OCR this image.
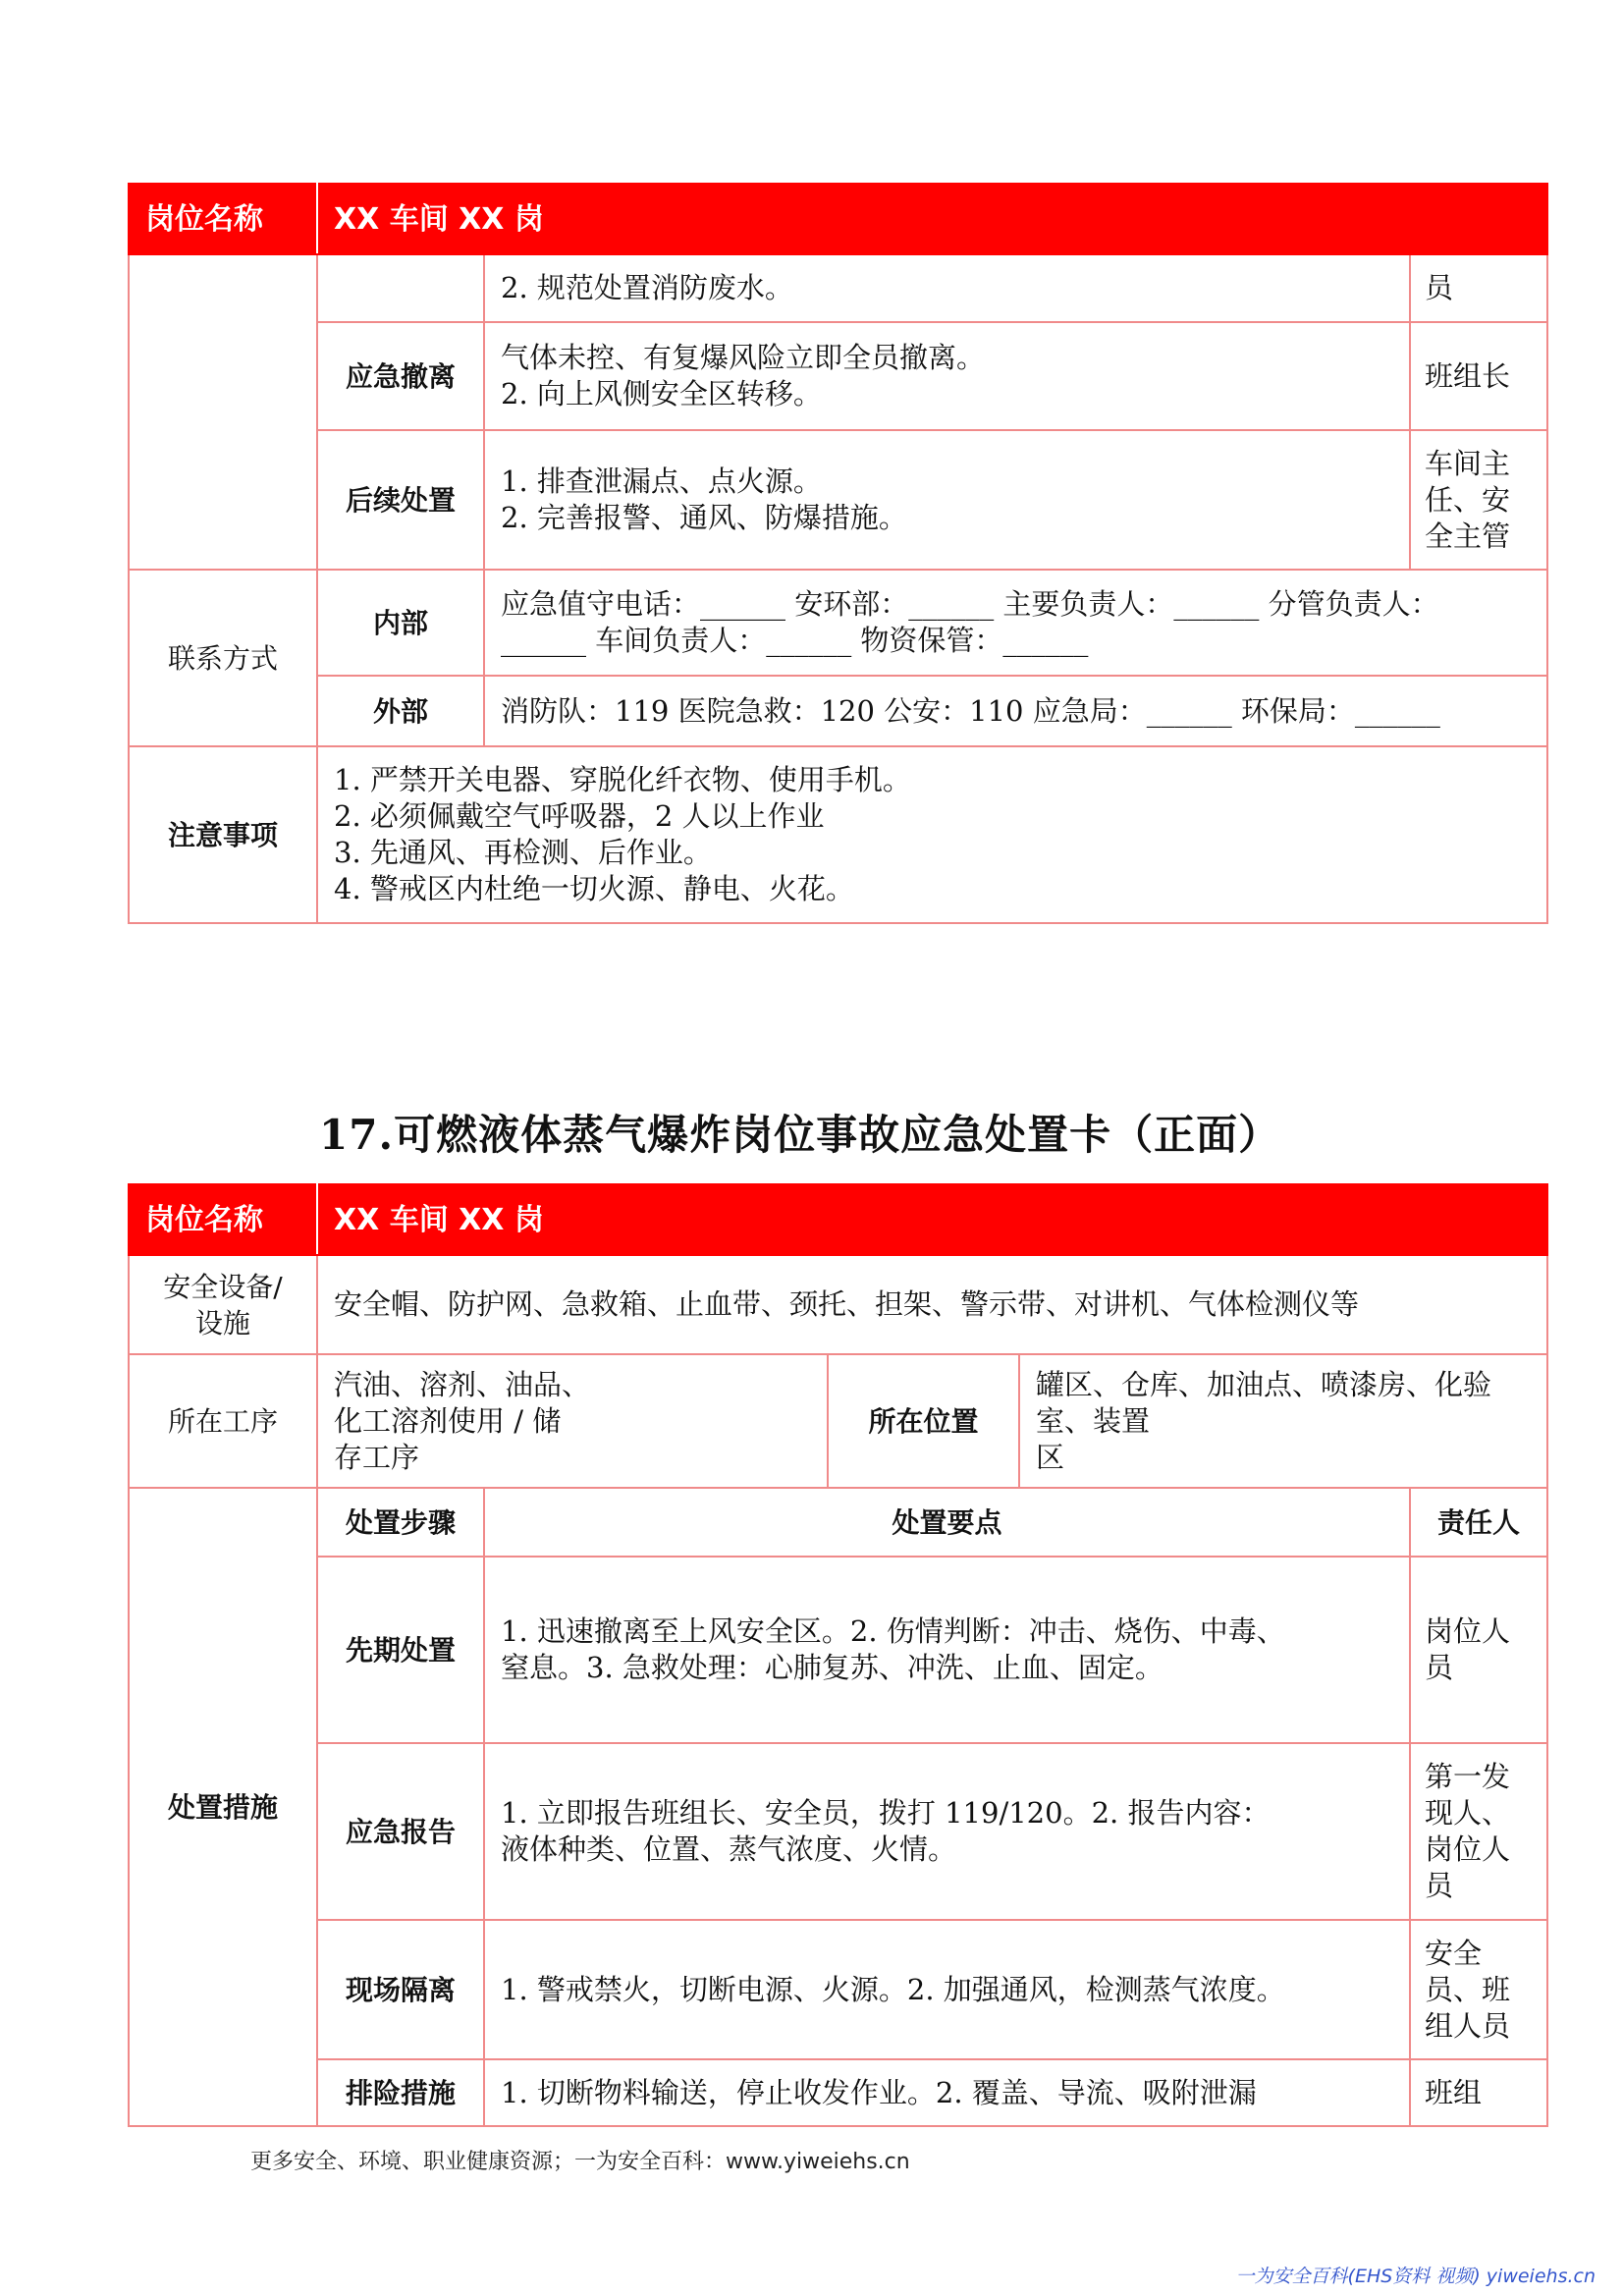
岗位名称	XX 车间 XX 岗		

		2. 规范处置消防废水。	员

	应急撤离	气体未控、有复爆风险立即全员撤离。
2. 向上风侧安全区转移。	班组长

	后续处置	1. 排查泄漏点、点火源。
2. 完善报警、通风、防爆措施。	车间主
任、安
全主管

联系方式	内部	应急值守电话：______ 安环部：______ 主要负责人：______ 分管负责人：
______ 车间负责人：______ 物资保管：______	

	外部	消防队：119 医院急救：120 公安：110 应急局：______ 环保局：______	
注意事项	1. 严禁开关电器、穿脱化纤衣物、使用手机。
2. 必须佩戴空气呼吸器，2 人以上作业
3. 先通风、再检测、后作业。
4. 警戒区内杜绝一切火源、静电、火花。		
17.可燃液体蒸气爆炸岗位事故应急处置卡（正面）
岗位名称	XX 车间 XX 岗				

安全设备/
设施	安全帽、防护网、急救箱、止血带、颈托、担架、警示带、对讲机、气体检测仪等				
所在工序	汽油、溶剂、油品、
化工溶剂使用 / 储
存工序		所在位置	罐区、仓库、加油点、喷漆房、化验室、装置
区	

处置措施	处置步骤	处置要点			责任人
	先期处置	1. 迅速撤离至上风安全区。2. 伤情判断：冲击、烧伤、中毒、
窒息。3. 急救处理：心肺复苏、冲洗、止血、固定。			岗位人
员

	应急报告	1. 立即报告班组长、安全员，拨打 119/120。2. 报告内容：
液体种类、位置、蒸气浓度、火情。			第一发
现人、
岗位人
员

	现场隔离	1. 警戒禁火，切断电源、火源。2. 加强通风，检测蒸气浓度。			安全
员、班
组人员

	排险措施	1. 切断物料输送，停止收发作业。2. 覆盖、导流、吸附泄漏			班组
更多安全、环境、职业健康资源；一为安全百科：www.yiweiehs.cn
一为安全百科(EHS资料 视频) yiweiehs.cn
